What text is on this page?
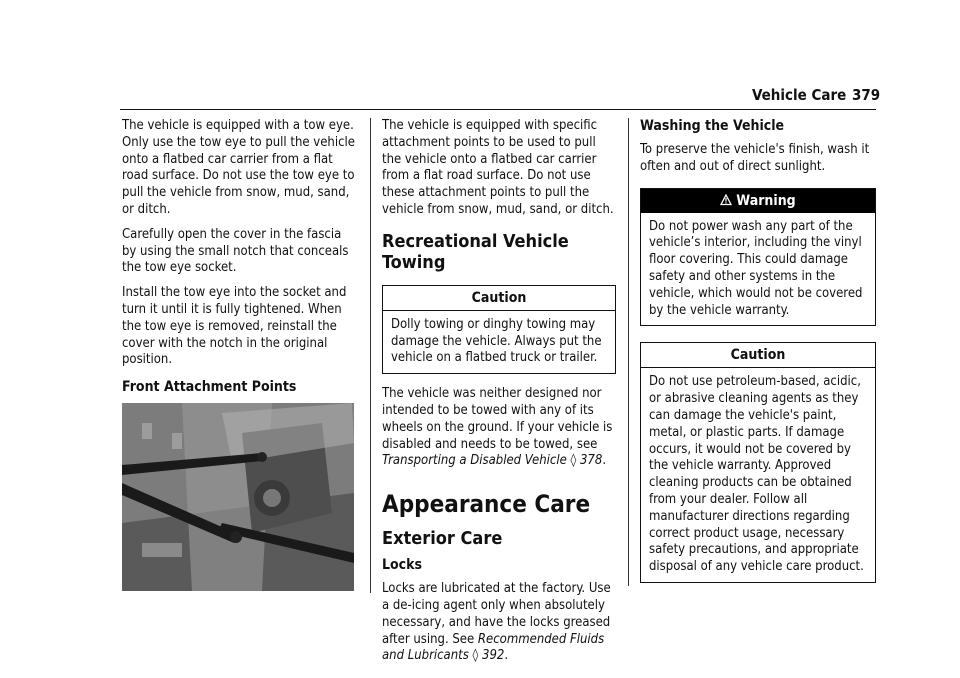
Vehicle Care 379

The vehicle is equipped with a tow eye. Only use the tow eye to pull the vehicle onto a flatbed car carrier from a flat road surface. Do not use the tow eye to pull the vehicle from snow, mud, sand, or ditch.

Carefully open the cover in the fascia by using the small notch that conceals the tow eye socket.

Install the tow eye into the socket and turn it until it is fully tightened. When the tow eye is removed, reinstall the cover with the notch in the original position.

Front Attachment Points

The vehicle is equipped with specific attachment points to be used to pull the vehicle onto a flatbed car carrier from a flat road surface. Do not use these attachment points to pull the vehicle from snow, mud, sand, or ditch.

Recreational Vehicle Towing
Caution
Dolly towing or dinghy towing may damage the vehicle. Always put the vehicle on a flatbed truck or trailer.

The vehicle was neither designed nor intended to be towed with any of its wheels on the ground. If your vehicle is disabled and needs to be towed, see Transporting a Disabled Vehicle ◊ 378.

Appearance Care
Exterior Care
Locks

Locks are lubricated at the factory. Use a de-icing agent only when absolutely necessary, and have the locks greased after using. See Recommended Fluids and Lubricants ◊ 392.

Washing the Vehicle

To preserve the vehicle's finish, wash it often and out of direct sunlight.

Warning
Do not power wash any part of the vehicle’s interior, including the vinyl floor covering. This could damage safety and other systems in the vehicle, which would not be covered by the vehicle warranty.
Caution
Do not use petroleum-based, acidic, or abrasive cleaning agents as they can damage the vehicle's paint, metal, or plastic parts. If damage occurs, it would not be covered by the vehicle warranty. Approved cleaning products can be obtained from your dealer. Follow all manufacturer directions regarding correct product usage, necessary safety precautions, and appropriate disposal of any vehicle care product.
